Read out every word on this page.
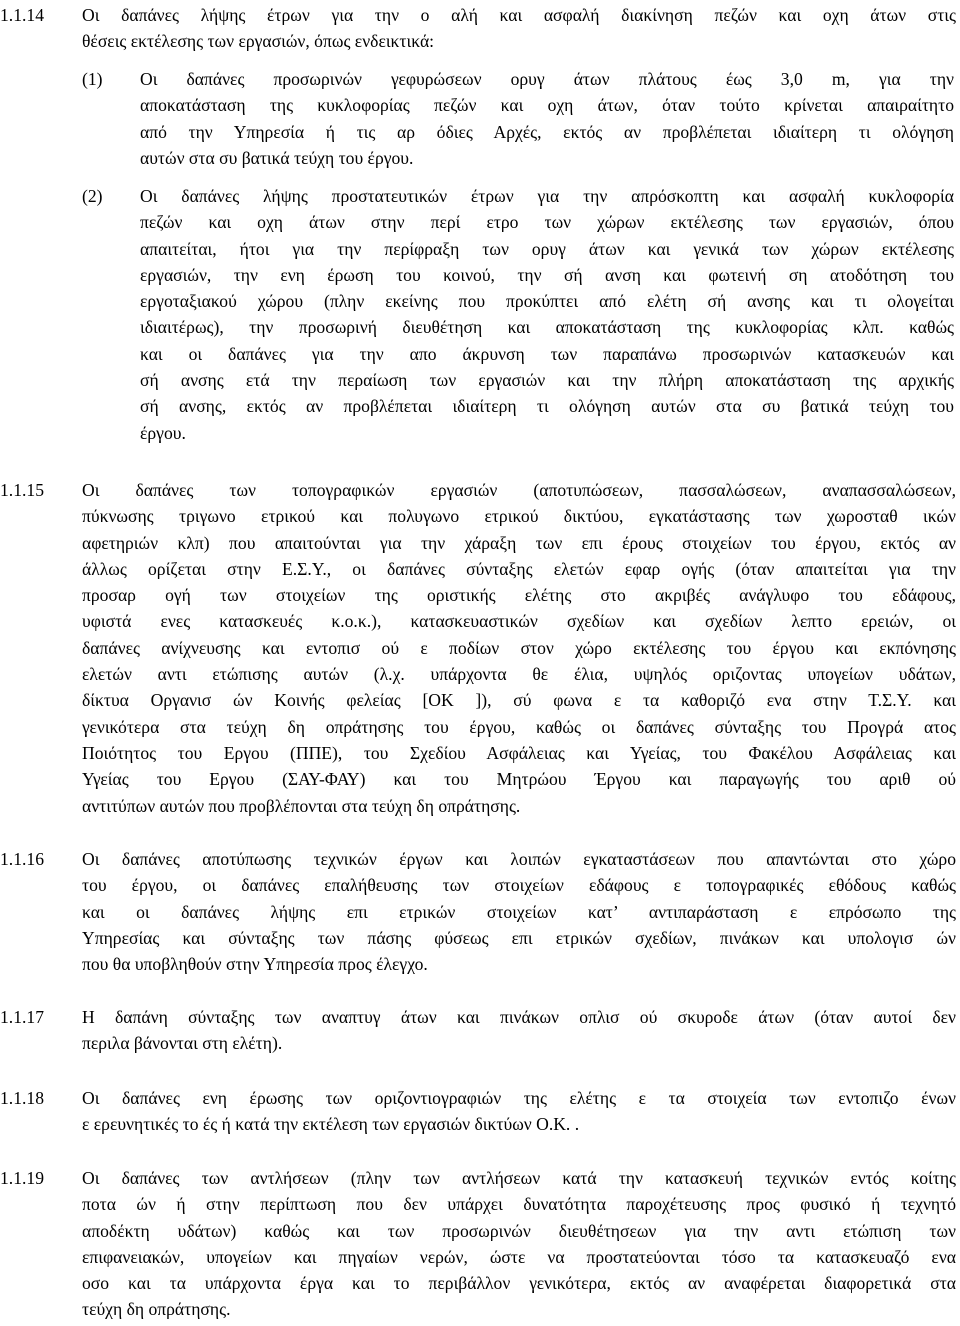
1.1.14 Οι δαπάνες λήψης έτρων για την ο αλή και ασφαλή διακίνηση πεζών και οχη άτων στις
θέσεις εκτέλεσης των εργασιών, όπως ενδεικτικά:
(1) Οι δαπάνες προσωρινών γεφυρώσεων ορυγ άτων πλάτους έως 3,0 m, για την
αποκατάσταση της κυκλοφορίας πεζών και οχη άτων, όταν τούτο κρίνεται απαιραίτητο
από την Υπηρεσία ή τις αρ όδιες Αρχές, εκτός αν προβλέπεται ιδιαίτερη τι ολόγηση
αυτών στα συ βατικά τεύχη του έργου.
(2) Οι δαπάνες λήψης προστατευτικών έτρων για την απρόσκοπτη και ασφαλή κυκλοφορία
πεζών και οχη άτων στην περί ετρο των χώρων εκτέλεσης των εργασιών, όπου
απαιτείται, ήτοι για την περίφραξη των ορυγ άτων και γενικά των χώρων εκτέλεσης
εργασιών, την ενη έρωση του κοινού, την σή ανση και φωτεινή ση ατοδότηση του
εργοταξιακού χώρου (πλην εκείνης που προκύπτει από ελέτη σή ανσης και τι ολογείται
ιδιαιτέρως), την προσωρινή διευθέτηση και αποκατάσταση της κυκλοφορίας κλπ. καθώς
και οι δαπάνες για την απο άκρυνση των παραπάνω προσωρινών κατασκευών και
σή ανσης ετά την περαίωση των εργασιών και την πλήρη αποκατάσταση της αρχικής
σή ανσης, εκτός αν προβλέπεται ιδιαίτερη τι ολόγηση αυτών στα συ βατικά τεύχη του
έργου.
1.1.15 Οι δαπάνες των τοπογραφικών εργασιών (αποτυπώσεων, πασσαλώσεων, αναπασσαλώσεων,
πύκνωσης τριγωνο ετρικού και πολυγωνο ετρικού δικτύου, εγκατάστασης των χωροσταθ ικών
αφετηριών κλπ) που απαιτούνται για την χάραξη των επι έρους στοιχείων του έργου, εκτός αν
άλλως ορίζεται στην Ε.Σ.Υ., οι δαπάνες σύνταξης ελετών εφαρ ογής (όταν απαιτείται για την
προσαρ ογή των στοιχείων της οριστικής ελέτης στο ακριβές ανάγλυφο του εδάφους,
υφιστά ενες κατασκευές κ.ο.κ.), κατασκευαστικών σχεδίων και σχεδίων λεπτο ερειών, οι
δαπάνες ανίχνευσης και εντοπισ ού ε ποδίων στον χώρο εκτέλεσης του έργου και εκπόνησης
ελετών αντι ετώπισης αυτών (λ.χ. υπάρχοντα θε έλια, υψηλός οριζοντας υπογείων υδάτων,
δίκτυα Οργανισ ών Κοινής φελείας [ΟΚ ]), σύ φωνα ε τα καθοριζό ενα στην Τ.Σ.Υ. και
γενικότερα στα τεύχη δη οπράτησης του έργου, καθώς οι δαπάνες σύνταξης του Προγρά ατος
Ποιότητος του Εργου (ΠΠΕ), του Σχεδίου Ασφάλειας και Υγείας, του Φακέλου Ασφάλειας και
Υγείας του Εργου (ΣΑΥ-ΦΑΥ) και του Μητρώου Έργου και παραγωγής του αριθ ού
αντιτύπων αυτών που προβλέπονται στα τεύχη δη οπράτησης.
1.1.16 Οι δαπάνες αποτύπωσης τεχνικών έργων και λοιπών εγκαταστάσεων που απαντώνται στο χώρο
του έργου, οι δαπάνες επαλήθευσης των στοιχείων εδάφους ε τοπογραφικές εθόδους καθώς
και οι δαπάνες λήψης επι ετρικών στοιχείων κατ’ αντιπαράσταση ε επρόσωπο της
Υπηρεσίας και σύνταξης των πάσης φύσεως επι ετρικών σχεδίων, πινάκων και υπολογισ ών
που θα υποβληθούν στην Υπηρεσία προς έλεγχο.
1.1.17 Η δαπάνη σύνταξης των αναπτυγ άτων και πινάκων οπλισ ού σκυροδε άτων (όταν αυτοί δεν
περιλα βάνονται στη ελέτη).
1.1.18 Οι δαπάνες ενη έρωσης των οριζοντιογραφιών της ελέτης ε τα στοιχεία των εντοπιζο ένων
ε ερευνητικές το ές ή κατά την εκτέλεση των εργασιών δικτύων Ο.Κ. .
1.1.19 Οι δαπάνες των αντλήσεων (πλην των αντλήσεων κατά την κατασκευή τεχνικών εντός κοίτης
ποτα ών ή στην περίπτωση που δεν υπάρχει δυνατότητα παροχέτευσης προς φυσικό ή τεχνητό
αποδέκτη υδάτων) καθώς και των προσωρινών διευθέτησεων για την αντι ετώπιση των
επιφανειακών, υπογείων και πηγαίων νερών, ώστε να προστατεύονται τόσο τα κατασκευαζό ενα
οσο και τα υπάρχοντα έργα και το περιβάλλον γενικότερα, εκτός αν αναφέρεται διαφορετικά στα
τεύχη δη οπράτησης.
